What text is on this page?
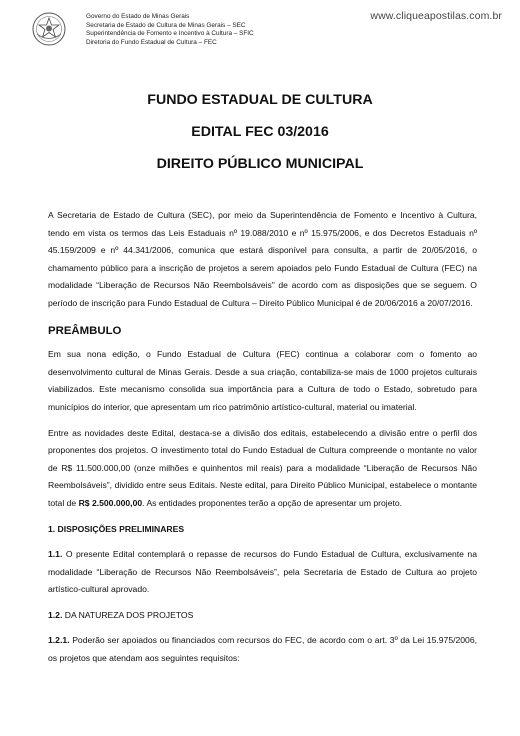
Governo do Estado de Minas Gerais
Secretaria de Estado de Cultura de Minas Gerais – SEC
Superintendência de Fomento e Incentivo à Cultura – SFIC
Diretoria do Fundo Estadual de Cultura – FEC
www.cliqueapostilas.com.br
FUNDO ESTADUAL DE CULTURA
EDITAL FEC 03/2016
DIREITO PÚBLICO MUNICIPAL

A Secretaria de Estado de Cultura (SEC), por meio da Superintendência de Fomento e Incentivo à Cultura, tendo em vista os termos das Leis Estaduais nº 19.088/2010 e nº 15.975/2006, e dos Decretos Estaduais nº 45.159/2009 e nº 44.341/2006, comunica que estará disponível para consulta, a partir de 20/05/2016, o chamamento público para a inscrição de projetos a serem apoiados pelo Fundo Estadual de Cultura (FEC) na modalidade “Liberação de Recursos Não Reembolsáveis” de acordo com as disposições que se seguem. O período de inscrição para Fundo Estadual de Cultura – Direito Público Municipal é de 20/06/2016 a 20/07/2016.

PREÂMBULO

Em sua nona edição, o Fundo Estadual de Cultura (FEC) continua a colaborar com o fomento ao desenvolvimento cultural de Minas Gerais. Desde a sua criação, contabiliza-se mais de 1000 projetos culturais viabilizados. Este mecanismo consolida sua importância para a Cultura de todo o Estado, sobretudo para municípios do interior, que apresentam um rico patrimônio artístico-cultural, material ou imaterial.

Entre as novidades deste Edital, destaca-se a divisão dos editais, estabelecendo a divisão entre o perfil dos proponentes dos projetos. O investimento total do Fundo Estadual de Cultura compreende o montante no valor de R$ 11.500.000,00 (onze milhões e quinhentos mil reais) para a modalidade “Liberação de Recursos Não Reembolsáveis”, dividido entre seus Editais. Neste edital, para Direito Público Municipal, estabelece o montante total de R$ 2.500.000,00. As entidades proponentes terão a opção de apresentar um projeto.

1. DISPOSIÇÕES PRELIMINARES

1.1. O presente Edital contemplará o repasse de recursos do Fundo Estadual de Cultura, exclusivamente na modalidade “Liberação de Recursos Não Reembolsáveis”, pela Secretaria de Estado de Cultura ao projeto artístico-cultural aprovado.

1.2. DA NATUREZA DOS PROJETOS

1.2.1. Poderão ser apoiados ou financiados com recursos do FEC, de acordo com o art. 3º da Lei 15.975/2006, os projetos que atendam aos seguintes requisitos:
